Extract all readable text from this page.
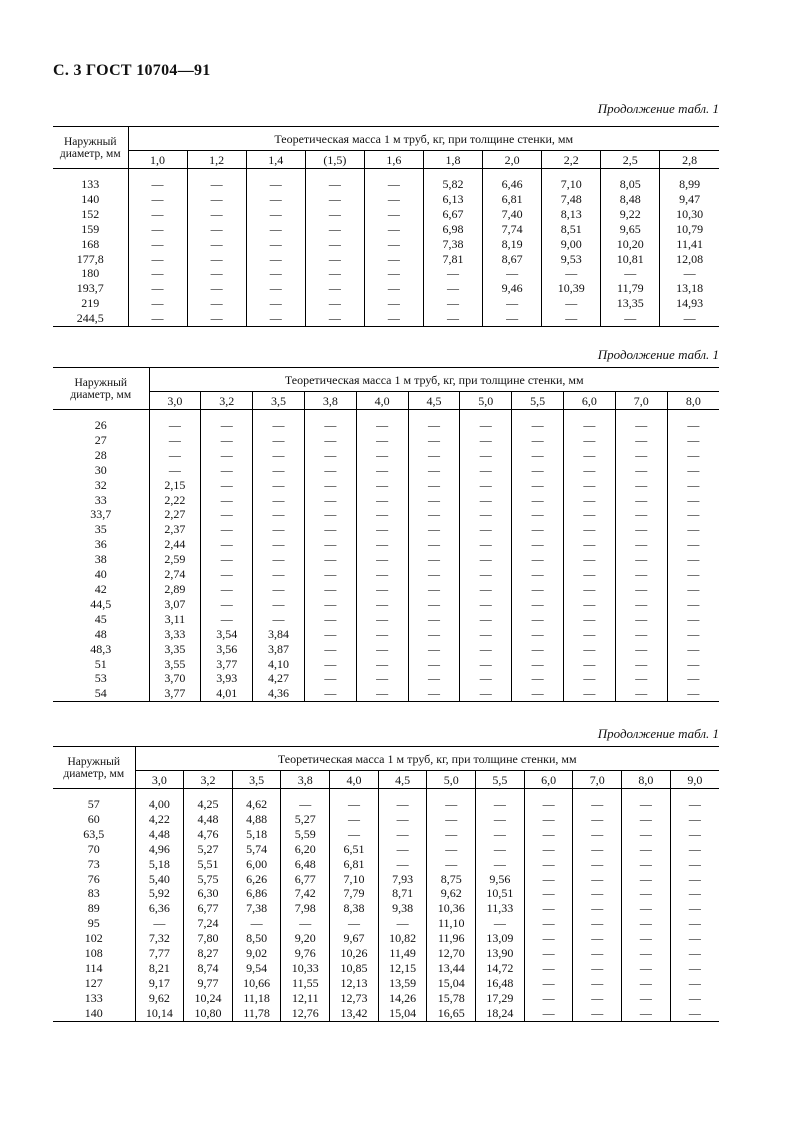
С. 3 ГОСТ 10704—91
Продолжение табл. 1
Наружный диаметр, мм	Теоретическая масса 1 м труб, кг, при толщине стенки, мм									
	1,0	1,2	1,4	(1,5)	1,6	1,8	2,0	2,2	2,5	2,8
133	—	—	—	—	—	5,82	6,46	7,10	8,05	8,99
140	—	—	—	—	—	6,13	6,81	7,48	8,48	9,47
152	—	—	—	—	—	6,67	7,40	8,13	9,22	10,30
159	—	—	—	—	—	6,98	7,74	8,51	9,65	10,79
168	—	—	—	—	—	7,38	8,19	9,00	10,20	11,41
177,8	—	—	—	—	—	7,81	8,67	9,53	10,81	12,08
180	—	—	—	—	—	—	—	—	—	—
193,7	—	—	—	—	—	—	9,46	10,39	11,79	13,18
219	—	—	—	—	—	—	—	—	13,35	14,93
244,5	—	—	—	—	—	—	—	—	—	—
Продолжение табл. 1
Наружный диаметр, мм	Теоретическая масса 1 м труб, кг, при толщине стенки, мм										
	3,0	3,2	3,5	3,8	4,0	4,5	5,0	5,5	6,0	7,0	8,0
26	—	—	—	—	—	—	—	—	—	—	—
27	—	—	—	—	—	—	—	—	—	—	—
28	—	—	—	—	—	—	—	—	—	—	—
30	—	—	—	—	—	—	—	—	—	—	—
32	2,15	—	—	—	—	—	—	—	—	—	—
33	2,22	—	—	—	—	—	—	—	—	—	—
33,7	2,27	—	—	—	—	—	—	—	—	—	—
35	2,37	—	—	—	—	—	—	—	—	—	—
36	2,44	—	—	—	—	—	—	—	—	—	—
38	2,59	—	—	—	—	—	—	—	—	—	—
40	2,74	—	—	—	—	—	—	—	—	—	—
42	2,89	—	—	—	—	—	—	—	—	—	—
44,5	3,07	—	—	—	—	—	—	—	—	—	—
45	3,11	—	—	—	—	—	—	—	—	—	—
48	3,33	3,54	3,84	—	—	—	—	—	—	—	—
48,3	3,35	3,56	3,87	—	—	—	—	—	—	—	—
51	3,55	3,77	4,10	—	—	—	—	—	—	—	—
53	3,70	3,93	4,27	—	—	—	—	—	—	—	—
54	3,77	4,01	4,36	—	—	—	—	—	—	—	—
Продолжение табл. 1
Наружный диаметр, мм	Теоретическая масса 1 м труб, кг, при толщине стенки, мм											
	3,0	3,2	3,5	3,8	4,0	4,5	5,0	5,5	6,0	7,0	8,0	9,0
57	4,00	4,25	4,62	—	—	—	—	—	—	—	—	—
60	4,22	4,48	4,88	5,27	—	—	—	—	—	—	—	—
63,5	4,48	4,76	5,18	5,59	—	—	—	—	—	—	—	—
70	4,96	5,27	5,74	6,20	6,51	—	—	—	—	—	—	—
73	5,18	5,51	6,00	6,48	6,81	—	—	—	—	—	—	—
76	5,40	5,75	6,26	6,77	7,10	7,93	8,75	9,56	—	—	—	—
83	5,92	6,30	6,86	7,42	7,79	8,71	9,62	10,51	—	—	—	—
89	6,36	6,77	7,38	7,98	8,38	9,38	10,36	11,33	—	—	—	—
95	—	7,24	—	—	—	—	11,10	—	—	—	—	—
102	7,32	7,80	8,50	9,20	9,67	10,82	11,96	13,09	—	—	—	—
108	7,77	8,27	9,02	9,76	10,26	11,49	12,70	13,90	—	—	—	—
114	8,21	8,74	9,54	10,33	10,85	12,15	13,44	14,72	—	—	—	—
127	9,17	9,77	10,66	11,55	12,13	13,59	15,04	16,48	—	—	—	—
133	9,62	10,24	11,18	12,11	12,73	14,26	15,78	17,29	—	—	—	—
140	10,14	10,80	11,78	12,76	13,42	15,04	16,65	18,24	—	—	—	—
